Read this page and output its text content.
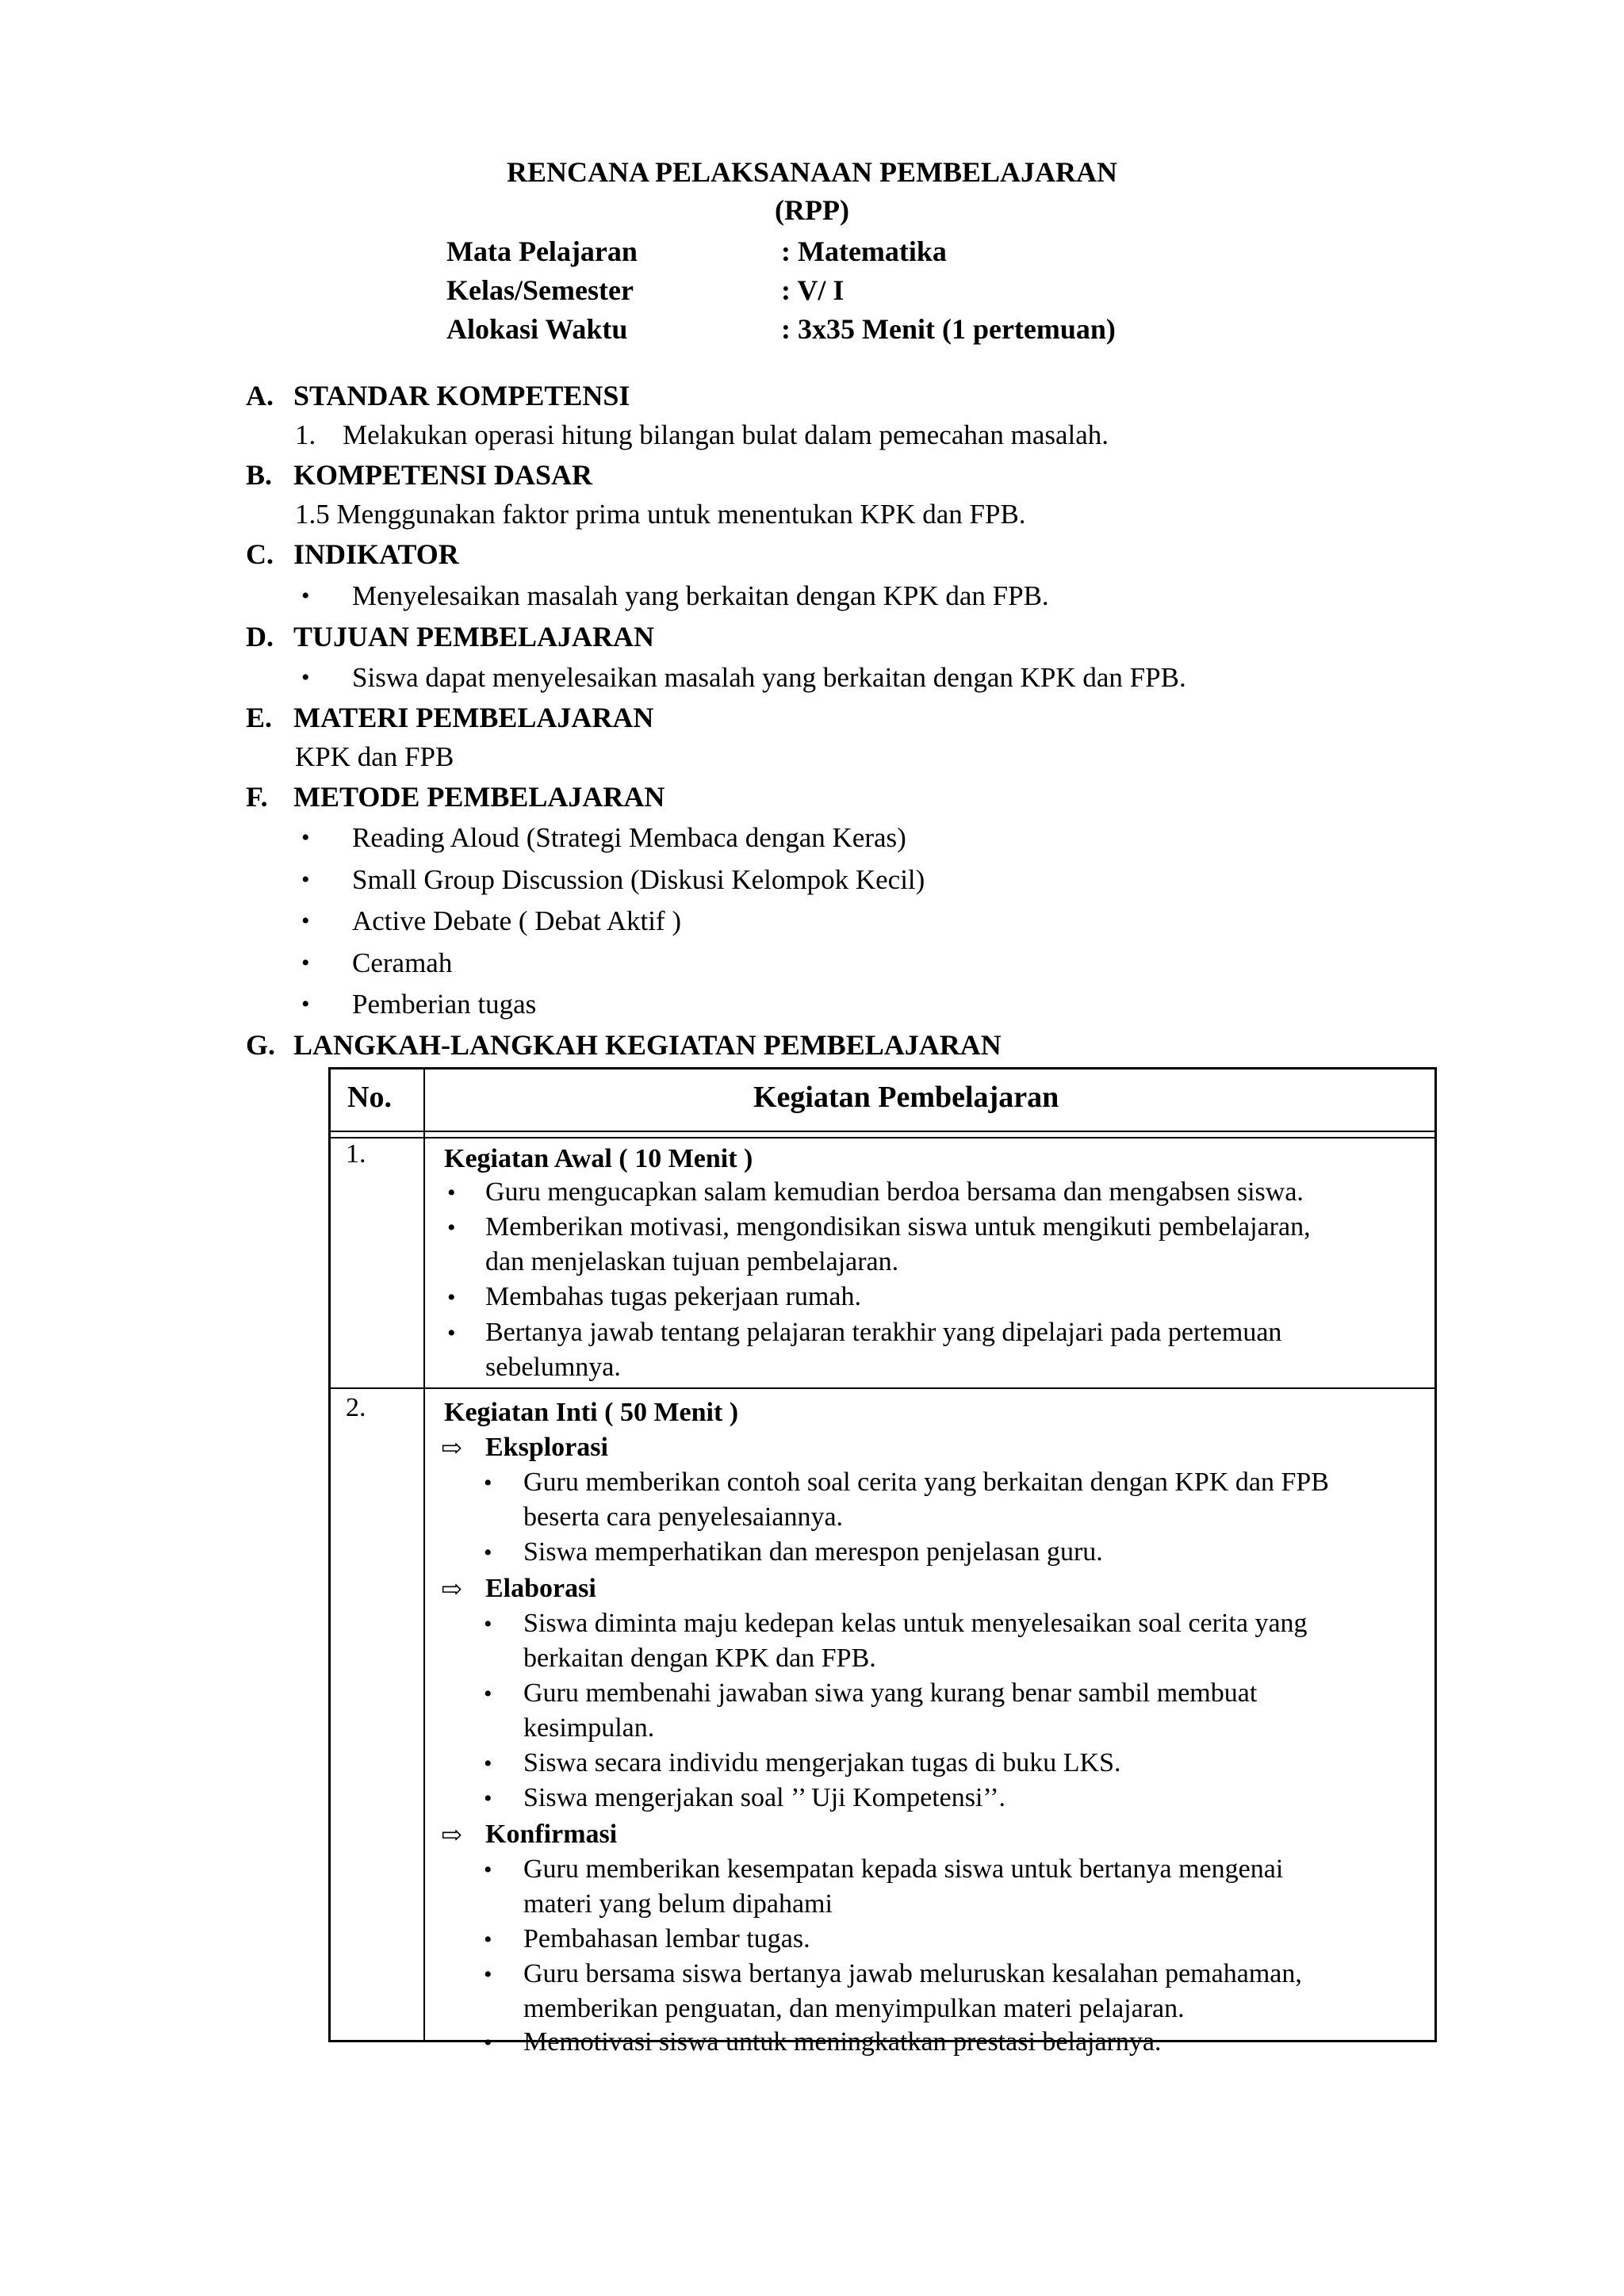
RENCANA PELAKSANAAN PEMBELAJARAN
(RPP)
Mata Pelajaran	: Matematika
Kelas/Semester	: V/ I
Alokasi Waktu	: 3x35 Menit (1 pertemuan)
A. STANDAR KOMPETENSI
1. Melakukan operasi hitung bilangan bulat dalam pemecahan masalah.
B. KOMPETENSI DASAR
1.5 Menggunakan faktor prima untuk menentukan KPK dan FPB.
C. INDIKATOR
• Menyelesaikan masalah yang berkaitan dengan KPK dan FPB.
D. TUJUAN PEMBELAJARAN
• Siswa dapat menyelesaikan masalah yang berkaitan dengan KPK dan FPB.
E. MATERI PEMBELAJARAN
KPK dan FPB
F. METODE PEMBELAJARAN
• Reading Aloud (Strategi Membaca dengan Keras)
• Small Group Discussion (Diskusi Kelompok Kecil)
• Active Debate ( Debat Aktif )
• Ceramah
• Pemberian tugas
G. LANGKAH-LANGKAH KEGIATAN PEMBELAJARAN
No.	Kegiatan Pembelajaran
1.	Kegiatan Awal ( 10 Menit )
• Guru mengucapkan salam kemudian berdoa bersama dan mengabsen siswa.
• Memberikan motivasi, mengondisikan siswa untuk mengikuti pembelajaran,
dan menjelaskan tujuan pembelajaran.
• Membahas tugas pekerjaan rumah.
• Bertanya jawab tentang pelajaran terakhir yang dipelajari pada pertemuan
sebelumnya.
2.	Kegiatan Inti ( 50 Menit )
⇨ Eksplorasi
• Guru memberikan contoh soal cerita yang berkaitan dengan KPK dan FPB
beserta cara penyelesaiannya.
• Siswa memperhatikan dan merespon penjelasan guru.
⇨ Elaborasi
• Siswa diminta maju kedepan kelas untuk menyelesaikan soal cerita yang
berkaitan dengan KPK dan FPB.
• Guru membenahi jawaban siwa yang kurang benar sambil membuat
kesimpulan.
• Siswa secara individu mengerjakan tugas di buku LKS.
• Siswa mengerjakan soal ’’ Uji Kompetensi’’.
⇨ Konfirmasi
• Guru memberikan kesempatan kepada siswa untuk bertanya mengenai
materi yang belum dipahami
• Pembahasan lembar tugas.
• Guru bersama siswa bertanya jawab meluruskan kesalahan pemahaman,
memberikan penguatan, dan menyimpulkan materi pelajaran.
• Memotivasi siswa untuk meningkatkan prestasi belajarnya.
